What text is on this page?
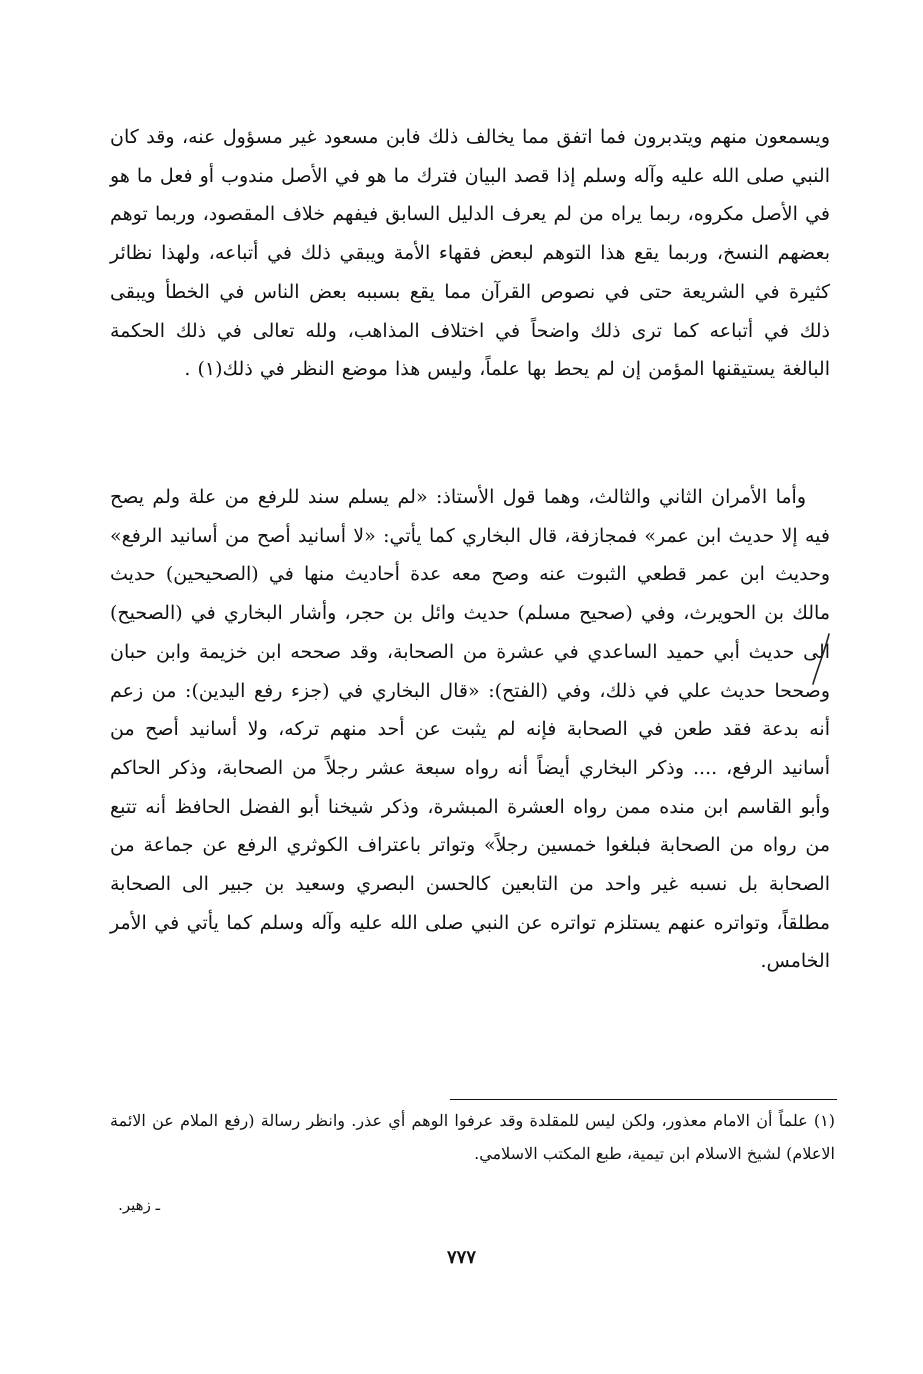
ويسمعون منهم ويتدبرون فما اتفق مما يخالف ذلك فابن مسعود غير مسؤول عنه، وقد كان النبي صلى الله عليه وآله وسلم إذا قصد البيان فترك ما هو في الأصل مندوب أو فعل ما هو في الأصل مكروه، ربما يراه من لم يعرف الدليل السابق فيفهم خلاف المقصود، وربما توهم بعضهم النسخ، وربما يقع هذا التوهم لبعض فقهاء الأمة ويبقي ذلك في أتباعه، ولهذا نظائر كثيرة في الشريعة حتى في نصوص القرآن مما يقع بسببه بعض الناس في الخطأ ويبقى ذلك في أتباعه كما ترى ذلك واضحاً في اختلاف المذاهب، ولله تعالى في ذلك الحكمة البالغة يستيقنها المؤمن إن لم يحط بها علماً، وليس هذا موضع النظر في ذلك(١) .
وأما الأمران الثاني والثالث، وهما قول الأستاذ: «لم يسلم سند للرفع من علة ولم يصح فيه إلا حديث ابن عمر» فمجازفة، قال البخاري كما يأتي: «لا أسانيد أصح من أسانيد الرفع» وحديث ابن عمر قطعي الثبوت عنه وصح معه عدة أحاديث منها في (الصحيحين) حديث مالك بن الحويرث، وفي (صحيح مسلم) حديث وائل بن حجر، وأشار البخاري في (الصحيح) الى حديث أبي حميد الساعدي في عشرة من الصحابة، وقد صححه ابن خزيمة وابن حبان وصححا حديث علي في ذلك، وفي (الفتح): «قال البخاري في (جزء رفع اليدين): من زعم أنه بدعة فقد طعن في الصحابة فإنه لم يثبت عن أحد منهم تركه، ولا أسانيد أصح من أسانيد الرفع، .... وذكر البخاري أيضاً أنه رواه سبعة عشر رجلاً من الصحابة، وذكر الحاكم وأبو القاسم ابن منده ممن رواه العشرة المبشرة، وذكر شيخنا أبو الفضل الحافظ أنه تتبع من رواه من الصحابة فبلغوا خمسين رجلاً» وتواتر باعتراف الكوثري الرفع عن جماعة من الصحابة بل نسبه غير واحد من التابعين كالحسن البصري وسعيد بن جبير الى الصحابة مطلقاً، وتواتره عنهم يستلزم تواتره عن النبي صلى الله عليه وآله وسلم كما يأتي في الأمر الخامس.
(١) علماً أن الامام معذور، ولكن ليس للمقلدة وقد عرفوا الوهم أي عذر. وانظر رسالة (رفع الملام عن الائمة الاعلام) لشيخ الاسلام ابن تيمية، طبع المكتب الاسلامي.
ـ زهير.
٧٧٧
